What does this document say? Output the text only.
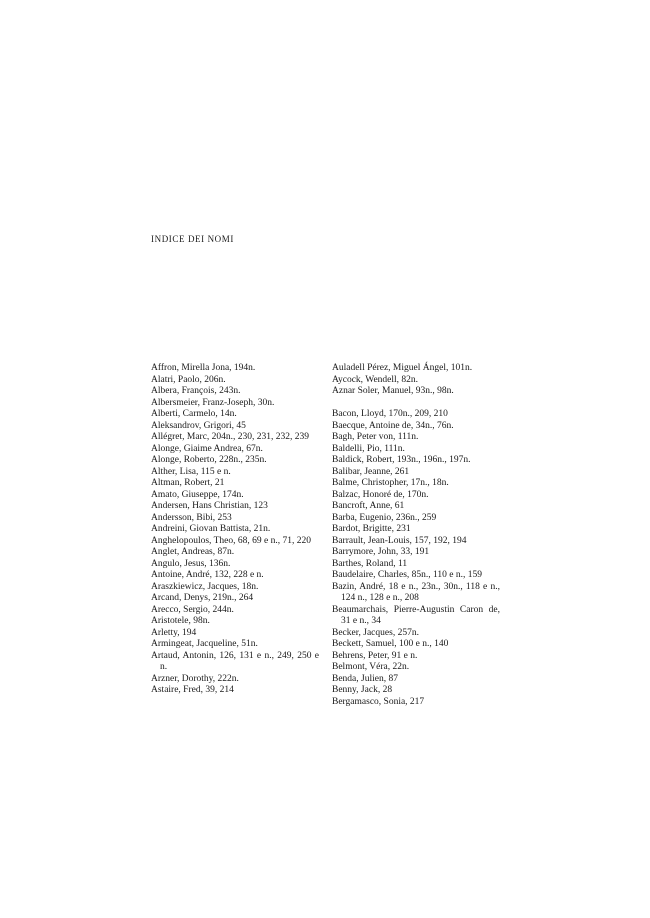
INDICE DEI NOMI

Affron, Mirella Jona, 194n.

Alatri, Paolo, 206n.

Albera, François, 243n.

Albersmeier, Franz-Joseph, 30n.

Alberti, Carmelo, 14n.

Aleksandrov, Grigori, 45

Allégret, Marc, 204n., 230, 231, 232, 239

Alonge, Giaime Andrea, 67n.

Alonge, Roberto, 228n., 235n.

Alther, Lisa, 115 e n.

Altman, Robert, 21

Amato, Giuseppe, 174n.

Andersen, Hans Christian, 123

Andersson, Bibi, 253

Andreini, Giovan Battista, 21n.

Anghelopoulos, Theo, 68, 69 e n., 71, 220

Anglet, Andreas, 87n.

Angulo, Jesus, 136n.

Antoine, André, 132, 228 e n.

Araszkiewicz, Jacques, 18n.

Arcand, Denys, 219n., 264

Arecco, Sergio, 244n.

Aristotele, 98n.

Arletty, 194

Armingeat, Jacqueline, 51n.

Artaud, Antonin, 126, 131 e n., 249, 250 e n.

Arzner, Dorothy, 222n.

Astaire, Fred, 39, 214

Auladell Pérez, Miguel Ángel, 101n.

Aycock, Wendell, 82n.

Aznar Soler, Manuel, 93n., 98n.

Bacon, Lloyd, 170n., 209, 210

Baecque, Antoine de, 34n., 76n.

Bagh, Peter von, 111n.

Baldelli, Pio, 111n.

Baldick, Robert, 193n., 196n., 197n.

Balibar, Jeanne, 261

Balme, Christopher, 17n., 18n.

Balzac, Honoré de, 170n.

Bancroft, Anne, 61

Barba, Eugenio, 236n., 259

Bardot, Brigitte, 231

Barrault, Jean-Louis, 157, 192, 194

Barrymore, John, 33, 191

Barthes, Roland, 11

Baudelaire, Charles, 85n., 110 e n., 159

Bazin, André, 18 e n., 23n., 30n., 118 e n., 124 n., 128 e n., 208

Beaumarchais, Pierre-Augustin Caron de, 31 e n., 34

Becker, Jacques, 257n.

Beckett, Samuel, 100 e n., 140

Behrens, Peter, 91 e n.

Belmont, Véra, 22n.

Benda, Julien, 87

Benny, Jack, 28

Bergamasco, Sonia, 217
